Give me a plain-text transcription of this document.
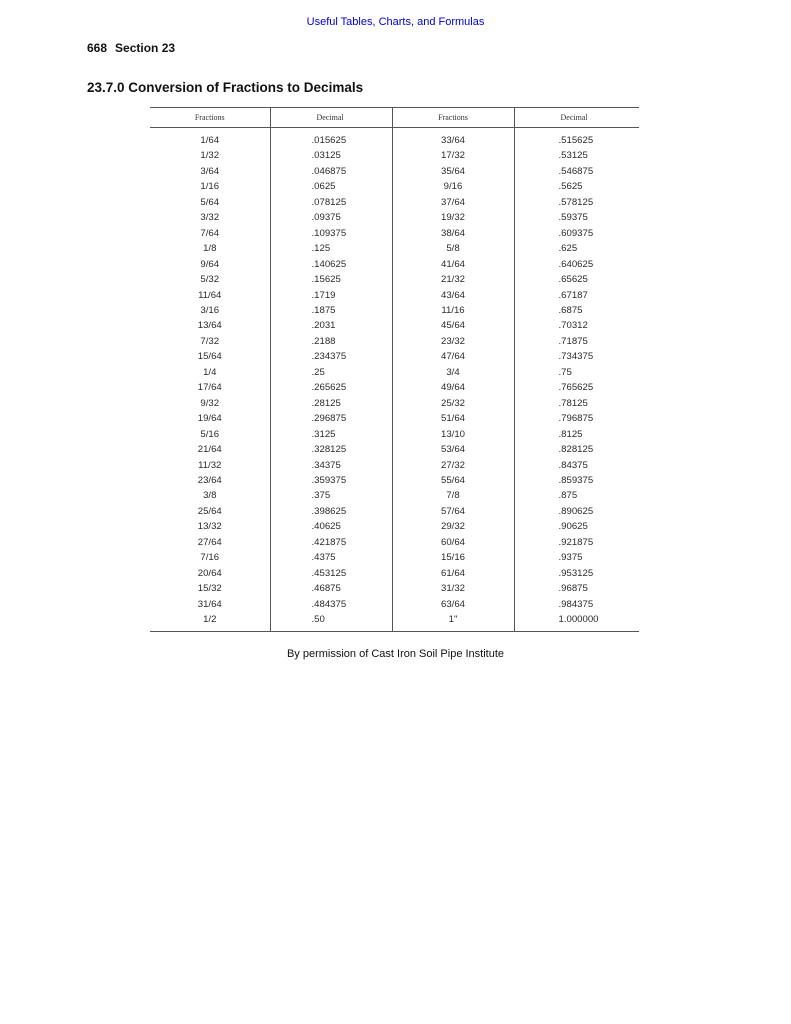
Useful Tables, Charts, and Formulas
668 Section 23
23.7.0 Conversion of Fractions to Decimals
Fractions	Decimal	Fractions	Decimal
1/64	.015625	33/64	.515625
1/32	.03125	17/32	.53125
3/64	.046875	35/64	.546875
1/16	.0625	9/16	.5625
5/64	.078125	37/64	.578125
3/32	.09375	19/32	.59375
7/64	.109375	38/64	.609375
1/8	.125	5/8	.625
9/64	.140625	41/64	.640625
5/32	.15625	21/32	.65625
11/64	.1719	43/64	.67187
3/16	.1875	11/16	.6875
13/64	.2031	45/64	.70312
7/32	.2188	23/32	.71875
15/64	.234375	47/64	.734375
1/4	.25	3/4	.75
17/64	.265625	49/64	.765625
9/32	.28125	25/32	.78125
19/64	.296875	51/64	.796875
5/16	.3125	13/10	.8125
21/64	.328125	53/64	.828125
11/32	.34375	27/32	.84375
23/64	.359375	55/64	.859375
3/8	.375	7/8	.875
25/64	.398625	57/64	.890625
13/32	.40625	29/32	.90625
27/64	.421875	60/64	.921875
7/16	.4375	15/16	.9375
20/64	.453125	61/64	.953125
15/32	.46875	31/32	.96875
31/64	.484375	63/64	.984375
1/2	.50	1"	1.000000
By permission of Cast Iron Soil Pipe Institute
